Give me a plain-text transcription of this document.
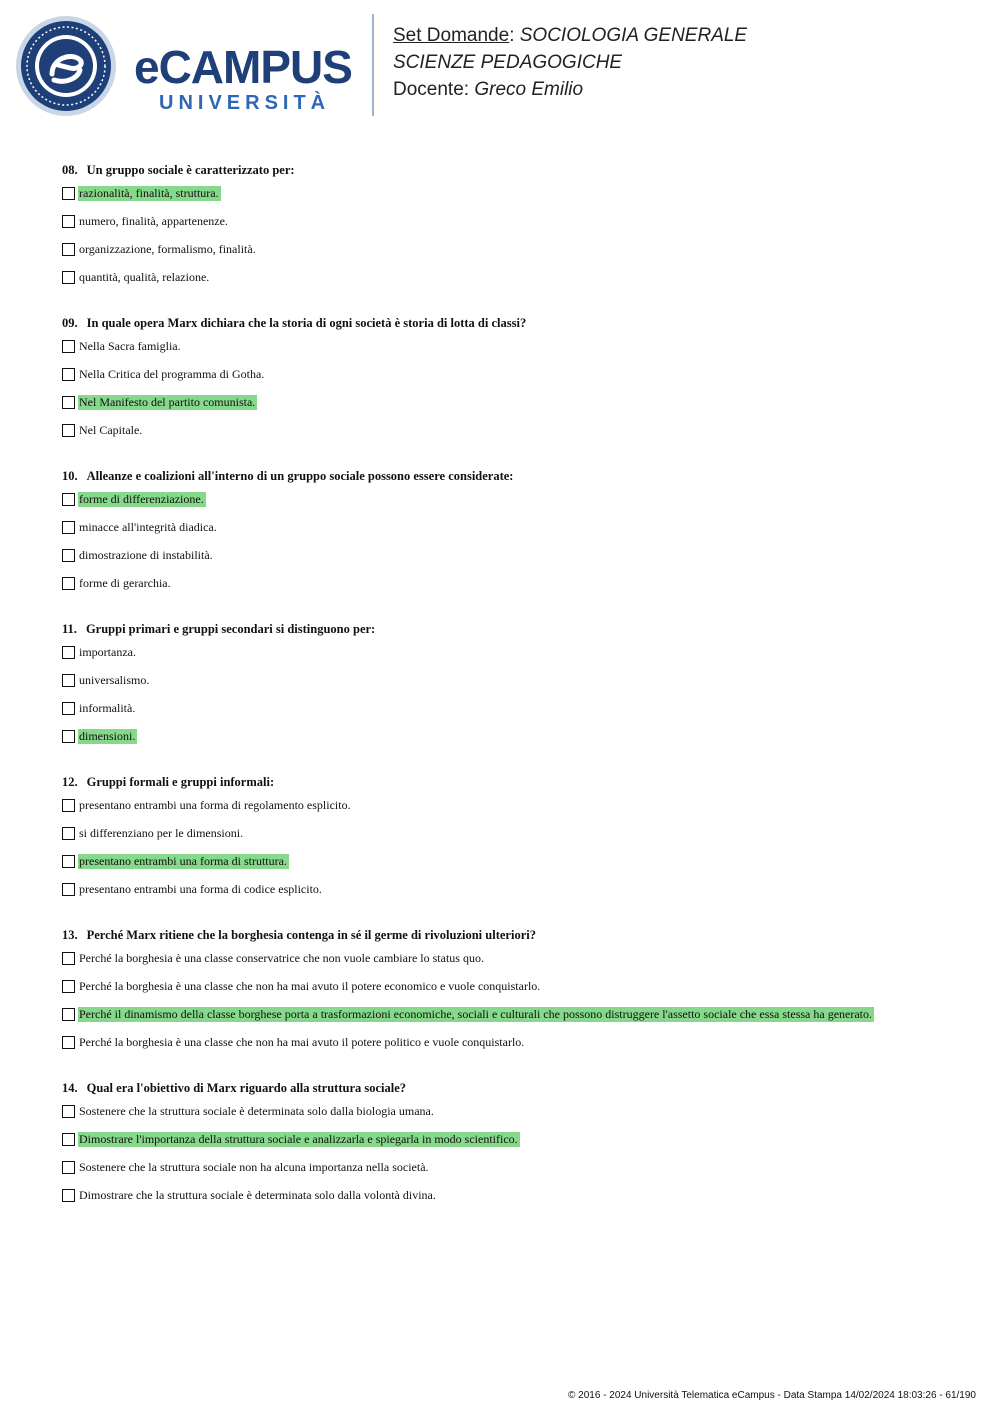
eCAMPUS
UNIVERSITÀ
Set Domande: SOCIOLOGIA GENERALE
SCIENZE PEDAGOGICHE
Docente: Greco Emilio
08. Un gruppo sociale è caratterizzato per:
razionalità, finalità, struttura.
numero, finalità, appartenenze.
organizzazione, formalismo, finalità.
quantità, qualità, relazione.
09. In quale opera Marx dichiara che la storia di ogni società è storia di lotta di classi?
Nella Sacra famiglia.
Nella Critica del programma di Gotha.
Nel Manifesto del partito comunista.
Nel Capitale.
10. Alleanze e coalizioni all'interno di un gruppo sociale possono essere considerate:
forme di differenziazione.
minacce all'integrità diadica.
dimostrazione di instabilità.
forme di gerarchia.
11. Gruppi primari e gruppi secondari si distinguono per:
importanza.
universalismo.
informalità.
dimensioni.
12. Gruppi formali e gruppi informali:
presentano entrambi una forma di regolamento esplicito.
si differenziano per le dimensioni.
presentano entrambi una forma di struttura.
presentano entrambi una forma di codice esplicito.
13. Perché Marx ritiene che la borghesia contenga in sé il germe di rivoluzioni ulteriori?
Perché la borghesia è una classe conservatrice che non vuole cambiare lo status quo.
Perché la borghesia è una classe che non ha mai avuto il potere economico e vuole conquistarlo.
Perché il dinamismo della classe borghese porta a trasformazioni economiche, sociali e culturali che possono distruggere l'assetto sociale che essa stessa ha generato.
Perché la borghesia è una classe che non ha mai avuto il potere politico e vuole conquistarlo.
14. Qual era l'obiettivo di Marx riguardo alla struttura sociale?
Sostenere che la struttura sociale è determinata solo dalla biologia umana.
Dimostrare l'importanza della struttura sociale e analizzarla e spiegarla in modo scientifico.
Sostenere che la struttura sociale non ha alcuna importanza nella società.
Dimostrare che la struttura sociale è determinata solo dalla volontà divina.
© 2016 - 2024 Università Telematica eCampus - Data Stampa 14/02/2024 18:03:26 - 61/190
